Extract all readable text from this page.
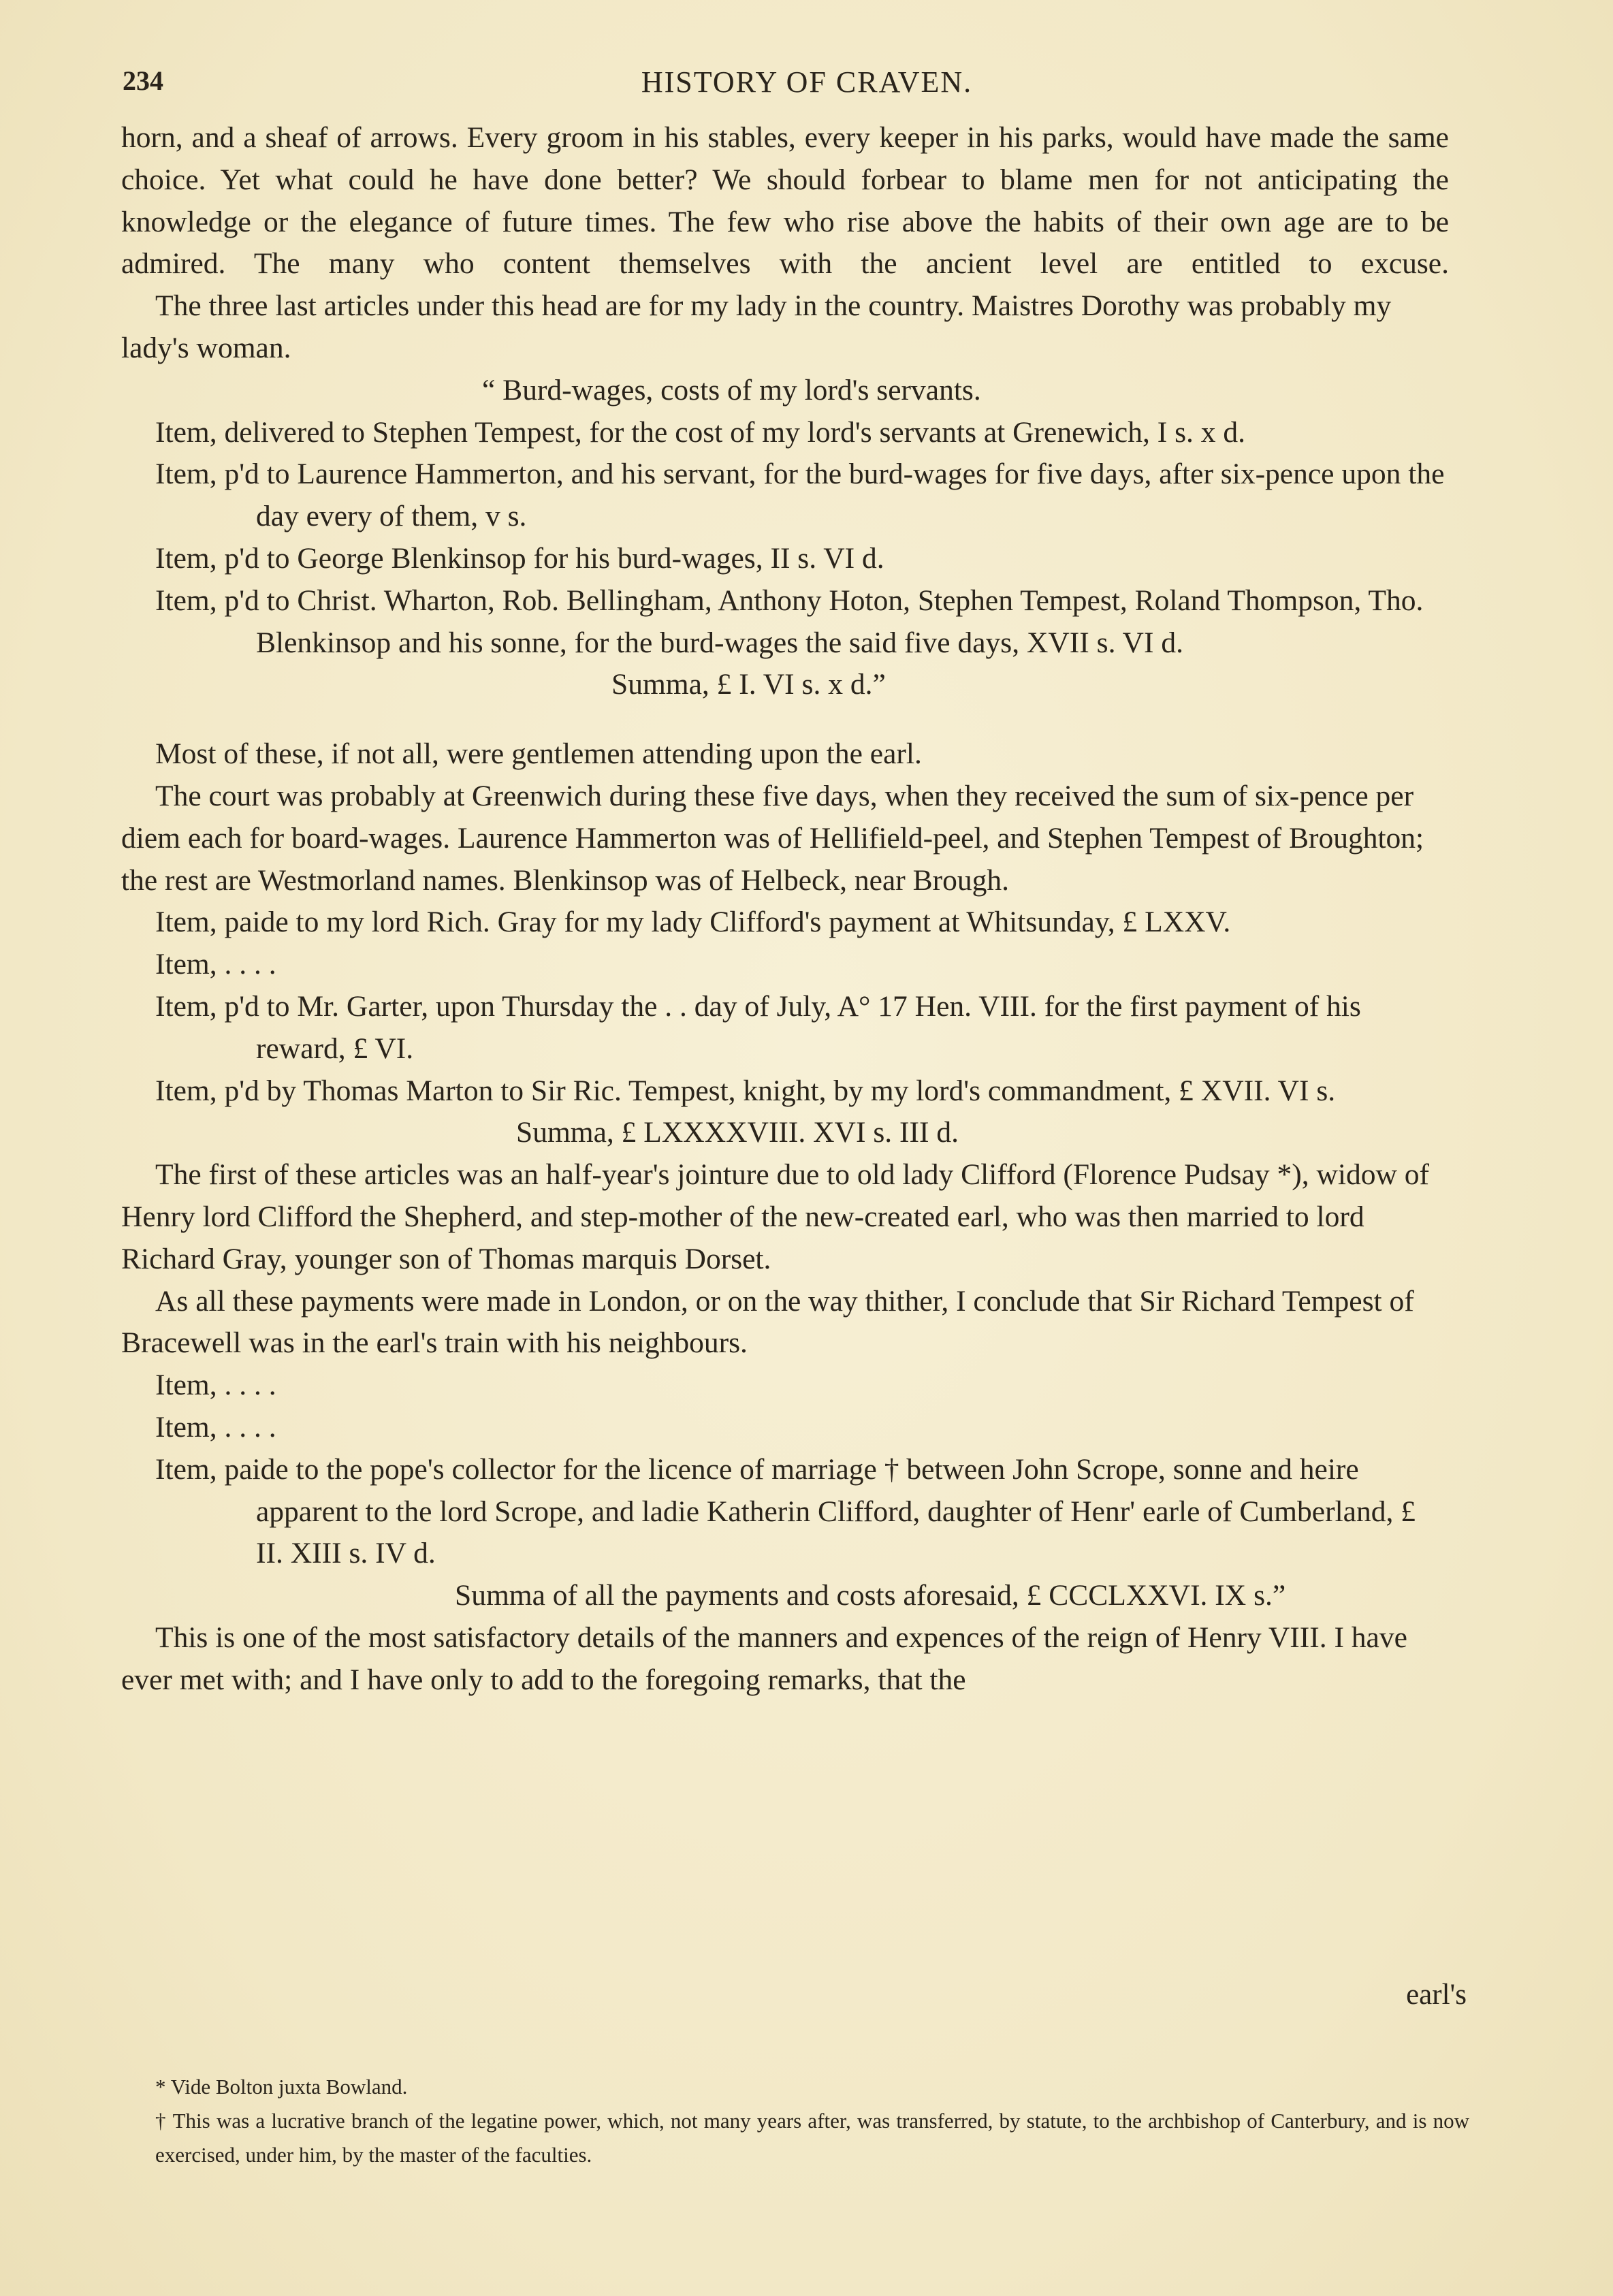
234	HISTORY OF CRAVEN.

horn, and a sheaf of arrows. Every groom in his stables, every keeper in his parks, would have made the same choice. Yet what could he have done better? We should forbear to blame men for not anticipating the knowledge or the elegance of future times. The few who rise above the habits of their own age are to be admired. The many who content themselves with the ancient level are entitled to excuse.

The three last articles under this head are for my lady in the country. Maistres Dorothy was probably my lady's woman.

“ Burd-wages, costs of my lord's servants.

Item, delivered to Stephen Tempest, for the cost of my lord's servants at Grenewich, I s. x d.

Item, p'd to Laurence Hammerton, and his servant, for the burd-wages for five days, after six-pence upon the day every of them, v s.

Item, p'd to George Blenkinsop for his burd-wages, II s. VI d.

Item, p'd to Christ. Wharton, Rob. Bellingham, Anthony Hoton, Stephen Tempest, Roland Thompson, Tho. Blenkinsop and his sonne, for the burd-wages the said five days, XVII s. VI d.

Summa, £ I. VI s. x d.”

Most of these, if not all, were gentlemen attending upon the earl.

The court was probably at Greenwich during these five days, when they received the sum of six-pence per diem each for board-wages. Laurence Hammerton was of Hellifield-peel, and Stephen Tempest of Broughton; the rest are Westmorland names. Blenkinsop was of Helbeck, near Brough.

Item, paide to my lord Rich. Gray for my lady Clifford's payment at Whitsunday, £ LXXV.

Item, . . . .

Item, p'd to Mr. Garter, upon Thursday the . . day of July, A° 17 Hen. VIII. for the first payment of his reward, £ VI.

Item, p'd by Thomas Marton to Sir Ric. Tempest, knight, by my lord's commandment, £ XVII. VI s.

Summa, £ LXXXXVIII. XVI s. III d.

The first of these articles was an half-year's jointure due to old lady Clifford (Florence Pudsay *), widow of Henry lord Clifford the Shepherd, and step-mother of the new-created earl, who was then married to lord Richard Gray, younger son of Thomas marquis Dorset.

As all these payments were made in London, or on the way thither, I conclude that Sir Richard Tempest of Bracewell was in the earl's train with his neighbours.

Item, . . . .

Item, . . . .

Item, paide to the pope's collector for the licence of marriage † between John Scrope, sonne and heire apparent to the lord Scrope, and ladie Katherin Clifford, daughter of Henr' earle of Cumberland, £ II. XIII s. IV d.

Summa of all the payments and costs aforesaid, £ CCCLXXVI. IX s.”

This is one of the most satisfactory details of the manners and expences of the reign of Henry VIII. I have ever met with; and I have only to add to the foregoing remarks, that the

* Vide Bolton juxta Bowland.

† This was a lucrative branch of the legatine power, which, not many years after, was transferred, by statute, to the archbishop of Canterbury, and is now exercised, under him, by the master of the faculties.

earl's
